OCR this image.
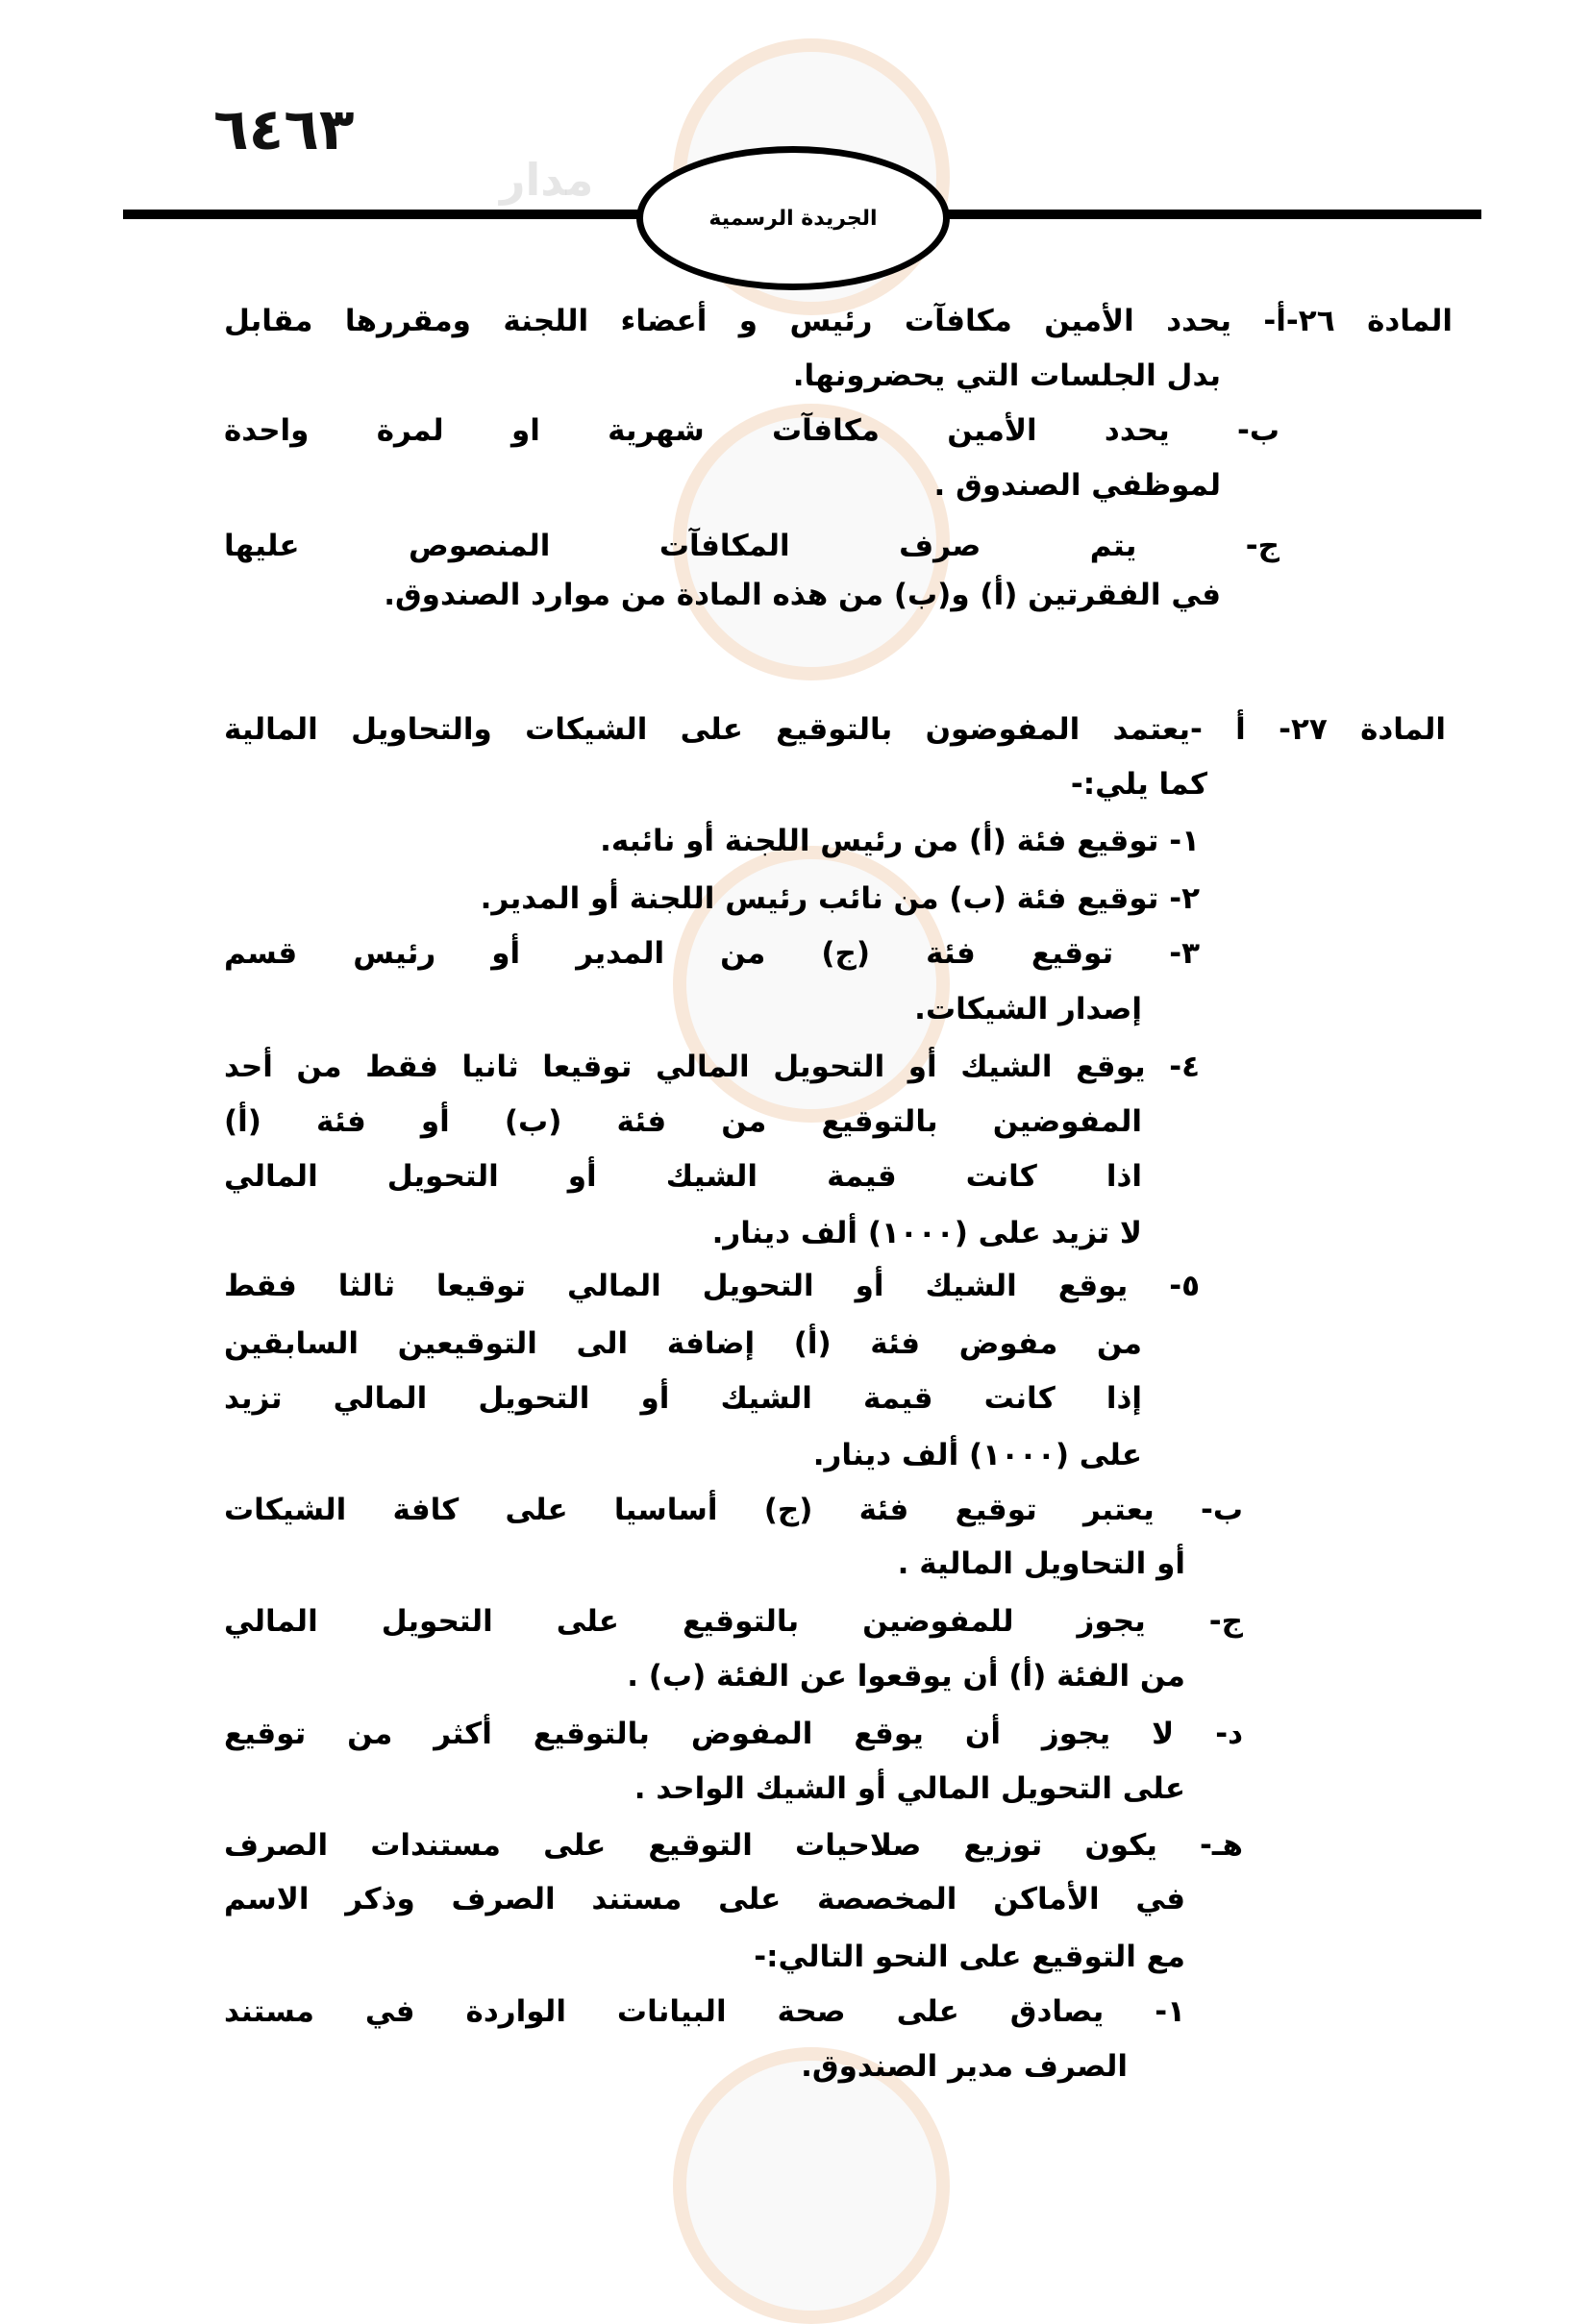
مدار
٦٤٦٣
الجريدة الرسمية
المادة ٢٦-أ- يحدد الأمين مكافآت رئيس و أعضاء اللجنة ومقررها مقابل
بدل الجلسات التي يحضرونها.
ب- يحدد الأمين مكافآت شهرية او لمرة واحدة
لموظفي الصندوق .
ج- يتم صرف المكافآت المنصوص عليها
في الفقرتين (أ) و(ب) من هذه المادة من موارد الصندوق.
المادة ٢٧- أ -يعتمد المفوضون بالتوقيع على الشيكات والتحاويل المالية
كما يلي:-
١- توقيع فئة (أ) من رئيس اللجنة أو نائبه.
٢- توقيع فئة (ب) من نائب رئيس اللجنة أو المدير.
٣- توقيع فئة (ج) من المدير أو رئيس قسم
إصدار الشيكات.
٤- يوقع الشيك أو التحويل المالي توقيعا ثانيا فقط من أحد
المفوضين بالتوقيع من فئة (ب) أو فئة (أ)
اذا كانت قيمة الشيك أو التحويل المالي
لا تزيد على (١٠٠٠) ألف دينار.
٥- يوقع الشيك أو التحويل المالي توقيعا ثالثا فقط
من مفوض فئة (أ) إضافة الى التوقيعين السابقين
إذا كانت قيمة الشيك أو التحويل المالي تزيد
على (١٠٠٠) ألف دينار.
ب- يعتبر توقيع فئة (ج) أساسيا على كافة الشيكات
أو التحاويل المالية .
ج- يجوز للمفوضين بالتوقيع على التحويل المالي
من الفئة (أ) أن يوقعوا عن الفئة (ب) .
د- لا يجوز أن يوقع المفوض بالتوقيع أكثر من توقيع
على التحويل المالي أو الشيك الواحد .
هـ- يكون توزيع صلاحيات التوقيع على مستندات الصرف
في الأماكن المخصصة على مستند الصرف وذكر الاسم
مع التوقيع على النحو التالي:-
١- يصادق على صحة البيانات الواردة في مستند
الصرف مدير الصندوق.
